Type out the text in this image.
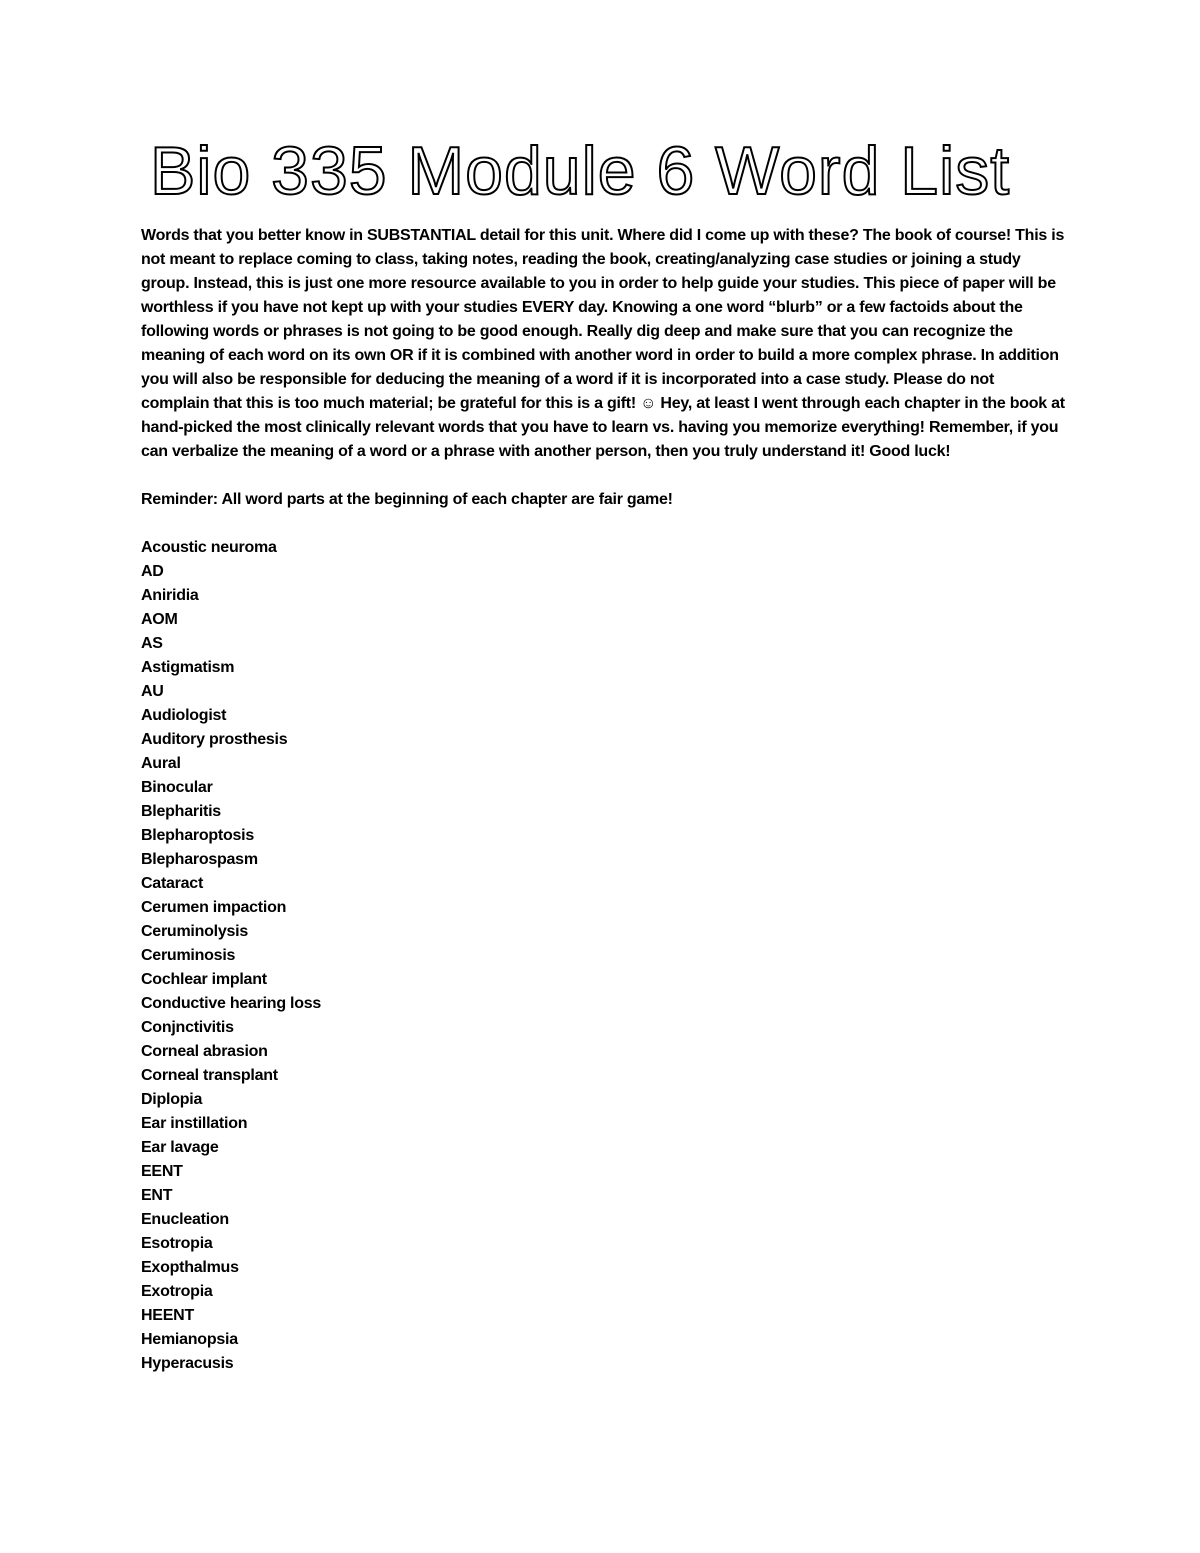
Bio 335 Module 6 Word List

Words that you better know in SUBSTANTIAL detail for this unit. Where did I come up with these? The book of course! This is not meant to replace coming to class, taking notes, reading the book, creating/analyzing case studies or joining a study group. Instead, this is just one more resource available to you in order to help guide your studies. This piece of paper will be worthless if you have not kept up with your studies EVERY day. Knowing a one word “blurb” or a few factoids about the following words or phrases is not going to be good enough. Really dig deep and make sure that you can recognize the meaning of each word on its own OR if it is combined with another word in order to build a more complex phrase. In addition you will also be responsible for deducing the meaning of a word if it is incorporated into a case study. Please do not complain that this is too much material; be grateful for this is a gift! ☺ Hey, at least I went through each chapter in the book at hand-picked the most clinically relevant words that you have to learn vs. having you memorize everything! Remember, if you can verbalize the meaning of a word or a phrase with another person, then you truly understand it! Good luck!

Reminder: All word parts at the beginning of each chapter are fair game!

Acoustic neuroma
AD
Aniridia
AOM
AS
Astigmatism
AU
Audiologist
Auditory prosthesis
Aural
Binocular
Blepharitis
Blepharoptosis
Blepharospasm
Cataract
Cerumen impaction
Ceruminolysis
Ceruminosis
Cochlear implant
Conductive hearing loss
Conjnctivitis
Corneal abrasion
Corneal transplant
Diplopia
Ear instillation
Ear lavage
EENT
ENT
Enucleation
Esotropia
Exopthalmus
Exotropia
HEENT
Hemianopsia
Hyperacusis
